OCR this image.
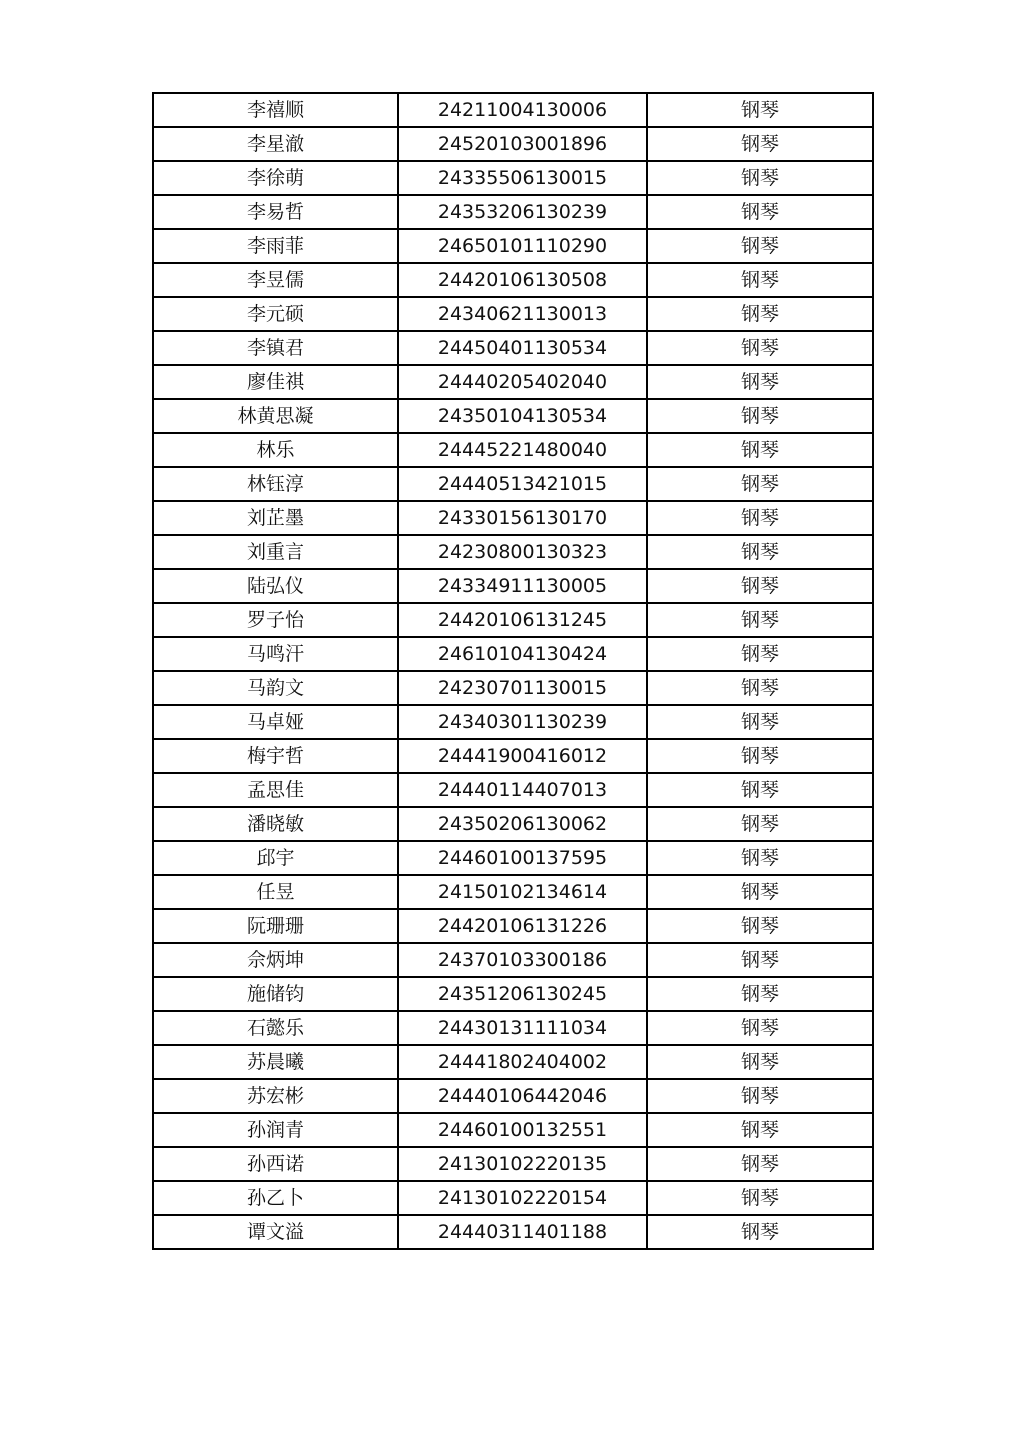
李禧顺	24211004130006	钢琴
李星澈	24520103001896	钢琴
李徐萌	24335506130015	钢琴
李易哲	24353206130239	钢琴
李雨菲	24650101110290	钢琴
李昱儒	24420106130508	钢琴
李元硕	24340621130013	钢琴
李镇君	24450401130534	钢琴
廖佳祺	24440205402040	钢琴
林黄思凝	24350104130534	钢琴
林乐	24445221480040	钢琴
林钰淳	24440513421015	钢琴
刘芷墨	24330156130170	钢琴
刘重言	24230800130323	钢琴
陆弘仪	24334911130005	钢琴
罗子怡	24420106131245	钢琴
马鸣汗	24610104130424	钢琴
马韵文	24230701130015	钢琴
马卓娅	24340301130239	钢琴
梅宇哲	24441900416012	钢琴
孟思佳	24440114407013	钢琴
潘晓敏	24350206130062	钢琴
邱宇	24460100137595	钢琴
任昱	24150102134614	钢琴
阮珊珊	24420106131226	钢琴
佘炳坤	24370103300186	钢琴
施储钧	24351206130245	钢琴
石懿乐	24430131111034	钢琴
苏晨曦	24441802404002	钢琴
苏宏彬	24440106442046	钢琴
孙润青	24460100132551	钢琴
孙西诺	24130102220135	钢琴
孙乙卜	24130102220154	钢琴
谭文溢	24440311401188	钢琴
